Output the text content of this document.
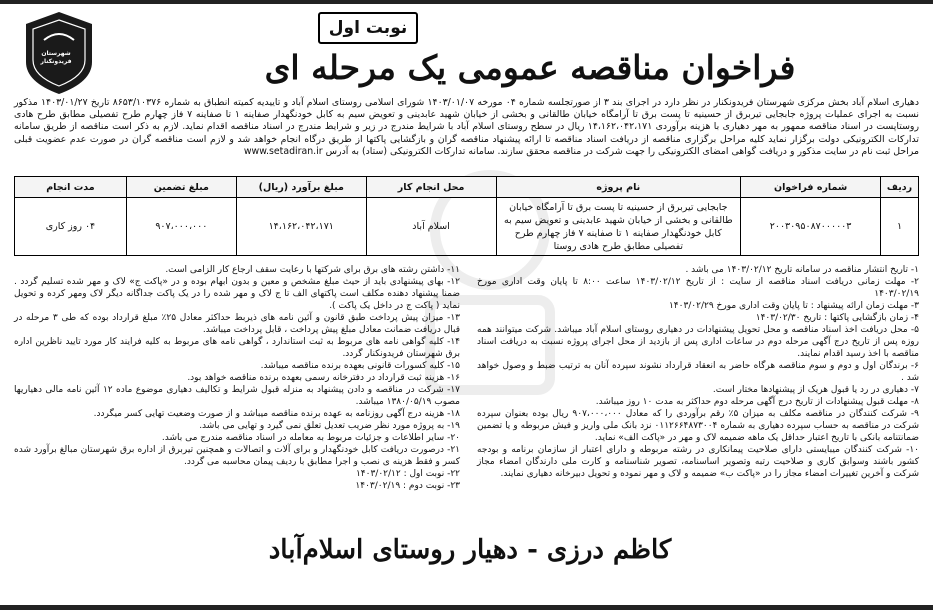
شهرستان فریدونکنار
نوبت اول
فراخوان مناقصه عمومی یک مرحله ای
دهیاری اسلام آباد بخش مرکزی شهرستان فریدونکنار در نظر دارد در اجرای بند ۳ از صورتجلسه شماره ۰۴ مورخه ۱۴۰۳/۰۱/۰۷ شورای اسلامی روستای اسلام آباد و تاییدیه کمیته انطباق به شماره ۸۶۵۳/۱۰۳۷۶ تاریخ ۱۴۰۳/۰۱/۲۷ مذکور نسبت به اجرای عملیات پروژه جابجایی تیربرق از حسینیه تا پست برق تا آرامگاه خیابان طالقانی و بخشی از خیابان شهید عابدینی و تعویض سیم به کابل خودنگهدار صفاینه ۱ تا صفاینه ۷ فاز چهارم طرح تفصیلی مطابق طرح هادی روستاپست در اسناد مناقصه ممهور به مهر دهیاری با هزینه برآوردی ۱۴،۱۶۲،۰۴۲،۱۷۱ ریال در سطح روستای اسلام آباد با شرایط مندرج در زیر و شرایط مندرج در اسناد مناقصه اقدام نماید. لازم به ذکر است مناقصه از طریق سامانه تدارکات الکترونیکی دولت برگزار نماید کلیه مراحل برگزاری مناقصه از دریافت اسناد مناقصه تا ارائه پیشنهاد مناقصه گران و بازگشایی پاکتها از طریق درگاه انجام خواهد شد و لازم است مناقصه گران در صورت عدم عضویت قبلی مراحل ثبت نام در سایت مذکور و دریافت گواهی امضای الکترونیکی را جهت شرکت در مناقصه محقق سازند. سامانه تدارکات الکترونیکی (ستاد) به آدرس www.setadiran.ir
ردیف	شماره فراخوان	نام پروژه	محل انجام کار	مبلغ برآورد (ریال)	مبلغ تضمین	مدت انجام
۱	۲۰۰۳۰۹۵۰۸۷۰۰۰۰۰۳	جابجایی تیربرق از حسینیه تا پست برق تا آرامگاه خیابان طالقانی و بخشی از خیابان شهید عابدینی و تعویض سیم به کابل خودنگهدار صفاینه ۱ تا صفاینه ۷ فاز چهارم طرح تفصیلی مطابق طرح هادی روستا	اسلام آباد	۱۴،۱۶۲،۰۴۲،۱۷۱	۹۰۷،۰۰۰،۰۰۰	۰۴ روز کاری

۱- تاریخ انتشار مناقصه در سامانه تاریخ ۱۴۰۳/۰۲/۱۲ می باشد .

۲- مهلت زمانی دریافت اسناد مناقصه از سایت : از تاریخ ۱۴۰۳/۰۲/۱۲ ساعت ۸:۰۰ تا پایان وقت اداری مورخ ۱۴۰۳/۰۲/۱۹

۳- مهلت زمان ارائه پیشنهاد : تا پایان وقت اداری مورخ ۱۴۰۳/۰۲/۲۹

۴- زمان بازگشایی پاکتها : تاریخ ۱۴۰۳/۰۲/۳۰

۵- محل دریافت اخذ اسناد مناقصه و محل تحویل پیشنهادات در دهیاری روستای اسلام آباد میباشد. شرکت میتوانند همه روزه پس از تاریخ درج آگهی مرحله دوم در ساعات اداری پس از بازدید از محل اجرای پروژه نسبت به دریافت اسناد مناقصه با اخذ رسید اقدام نمایند.

۶- برندگان اول و دوم و سوم مناقصه هرگاه حاضر به انعقاد قرارداد نشوند سپرده آنان به ترتیب ضبط و وصول خواهد شد .

۷- دهیاری در رد یا قبول هریک از پیشنهادها مختار است.

۸- مهلت قبول پیشنهادات از تاریخ درج آگهی مرحله دوم حداکثر به مدت ۱۰ روز میباشد.

۹- شرکت کنندگان در مناقصه مکلف به میزان ۵٪ رقم برآوردی را که معادل ۹۰۷،۰۰۰،۰۰۰ ریال بوده بعنوان سپرده شرکت در مناقصه به حساب سپرده دهیاری به شماره ۰۱۱۲۶۶۴۸۷۳۰۰۴ نزد بانک ملی واریز و فیش مربوطه و یا تضمین ضمانتنامه بانکی با تاریخ اعتبار حداقل یک ماهه ضمیمه لاک و مهر در «پاکت الف» نماید.

۱۰- شرکت کنندگان میبایستی دارای صلاحیت پیمانکاری در رشته مربوطه و دارای اعتبار از سازمان برنامه و بودجه کشور باشند وسوابق کاری و صلاحیت رتبه وتصویر اساسنامه، تصویر شناسنامه و کارت ملی دارندگان امضاء مجاز شرکت و آخرین تغییرات امضاء مجاز را در «پاکت ب» ضمیمه و لاک و مهر نموده و تحویل دبیرخانه دهیاری نمایند.

۱۱- داشتن رشته های برق برای شرکتها با رعایت سقف ارجاع کار الزامی است.

۱۲- بهای پیشنهادی باید از حیث مبلغ مشخص و معین و بدون ابهام بوده و در «پاکت ج» لاک و مهر شده تسلیم گردد . ضمنا پیشنهاد دهنده مکلف است پاکتهای الف تا ج لاک و مهر شده را در یک پاکت جداگانه دیگر لاک ومهر کرده و تحویل نماید ( پاکت ج در داخل یک پاکت ).

۱۳- میزان پیش پرداخت طبق قانون و آئین نامه های ذیربط حداکثر معادل ۲۵٪ مبلغ قرارداد بوده که طی ۳ مرحله در قبال دریافت ضمانت معادل مبلغ پیش پرداخت ، قابل پرداخت میباشد.

۱۴- کلیه گواهی نامه های مربوط به ثبت استاندارد ، گواهی نامه های مربوط به کلیه فرایند کار مورد تایید ناظرین اداره برق شهرستان فریدونکنار گردد.

۱۵- کلیه کسورات قانونی بعهده برنده مناقصه میباشد.

۱۶- هزینه ثبت قرارداد در دفترخانه رسمی بعهده برنده مناقصه خواهد بود.

۱۷- شرکت در مناقصه و دادن پیشنهاد به منزله قبول شرایط و تکالیف دهیاری موضوع ماده ۱۲ آئین نامه مالی دهیاریها مصوب ۱۳۸۰/۰۵/۱۹ میباشد.

۱۸- هزینه درج آگهی روزنامه به عهده برنده مناقصه میباشد و از صورت وضعیت تهایی کسر میگردد.

۱۹- به پروژه مورد نظر ضریب تعدیل تعلق نمی گیرد و تهایی می باشد.

۲۰- سایر اطلاعات و جزئیات مربوط به معامله در اسناد مناقصه مندرج می باشد.

۲۱- درصورت دریافت کابل خودنگهدار و برای آلات و اتصالات و همچنین تیربرق از اداره برق شهرستان مبالغ برآورد شده کسر و فقط هزینه ی نصب و اجرا مطابق با ردیف پیمان محاسبه می گردد.

۲۲- نوبت اول : ۱۴۰۳/۰۲/۱۲

۲۳- نوبت دوم : ۱۴۰۳/۰۲/۱۹

کاظم درزی - دهیار روستای اسلام‌آباد
